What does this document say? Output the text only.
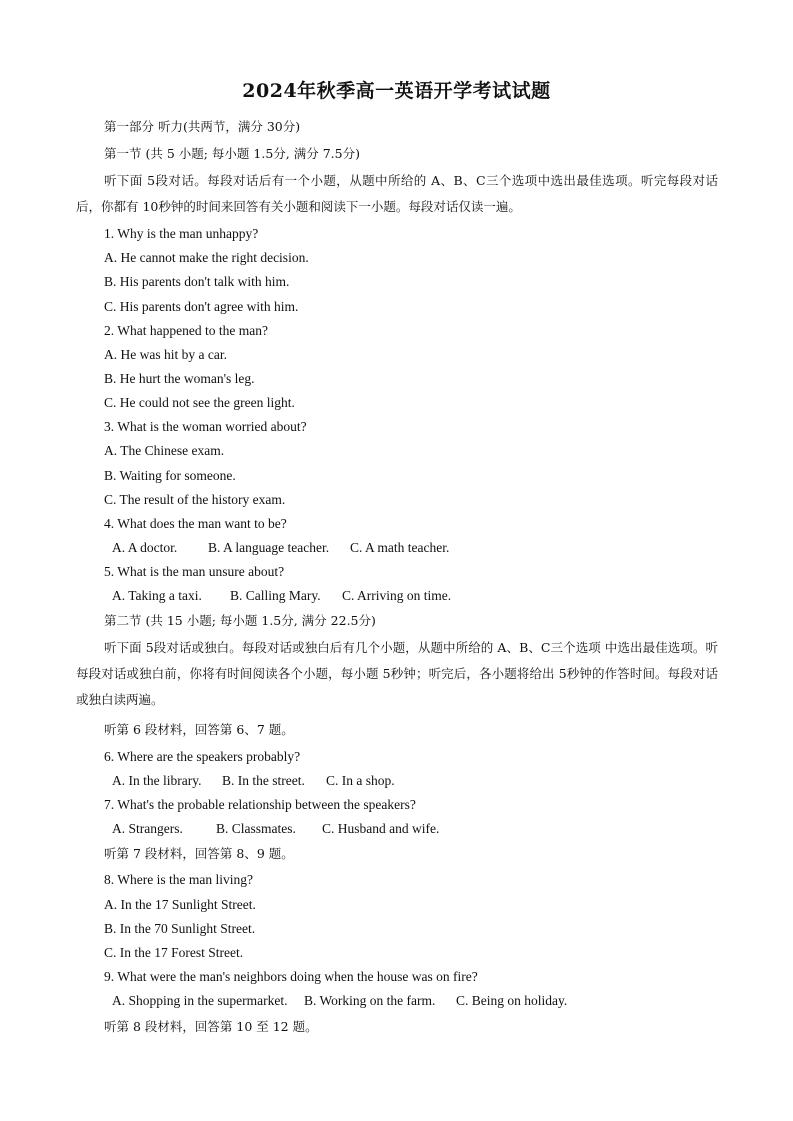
2024年秋季高一英语开学考试试题
第一部分 听力(共两节，满分 30分)
第一节 (共 5 小题; 每小题 1.5分, 满分 7.5分)
听下面 5段对话。每段对话后有一个小题，从题中所给的 A、B、C三个选项中选出最佳选项。听完每段对话后，你都有 10秒钟的时间来回答有关小题和阅读下一小题。每段对话仅读一遍。
1. Why is the man unhappy?
A. He cannot make the right decision.
B. His parents don't talk with him.
C. His parents don't agree with him.
2. What happened to the man?
A. He was hit by a car.
B. He hurt the woman's leg.
C. He could not see the green light.
3. What is the woman worried about?
A. The Chinese exam.
B. Waiting for someone.
C. The result of the history exam.
4. What does the man want to be?
A. A doctor. B. A language teacher. C. A math teacher.
5. What is the man unsure about?
A. Taking a taxi. B. Calling Mary. C. Arriving on time.
第二节 (共 15 小题; 每小题 1.5分, 满分 22.5分)
听下面 5段对话或独白。每段对话或独白后有几个小题，从题中所给的 A、B、C三个选项 中选出最佳选项。听每段对话或独白前，你将有时间阅读各个小题，每小题 5秒钟；听完后，各小题将给出 5秒钟的作答时间。每段对话或独白读两遍。
听第 6 段材料，回答第 6、7 题。
6. Where are the speakers probably?
A. In the library. B. In the street. C. In a shop.
7. What's the probable relationship between the speakers?
A. Strangers. B. Classmates. C. Husband and wife.
听第 7 段材料，回答第 8、9 题。
8. Where is the man living?
A. In the 17 Sunlight Street.
B. In the 70 Sunlight Street.
C. In the 17 Forest Street.
9. What were the man's neighbors doing when the house was on fire?
A. Shopping in the supermarket. B. Working on the farm. C. Being on holiday.
听第 8 段材料，回答第 10 至 12 题。
